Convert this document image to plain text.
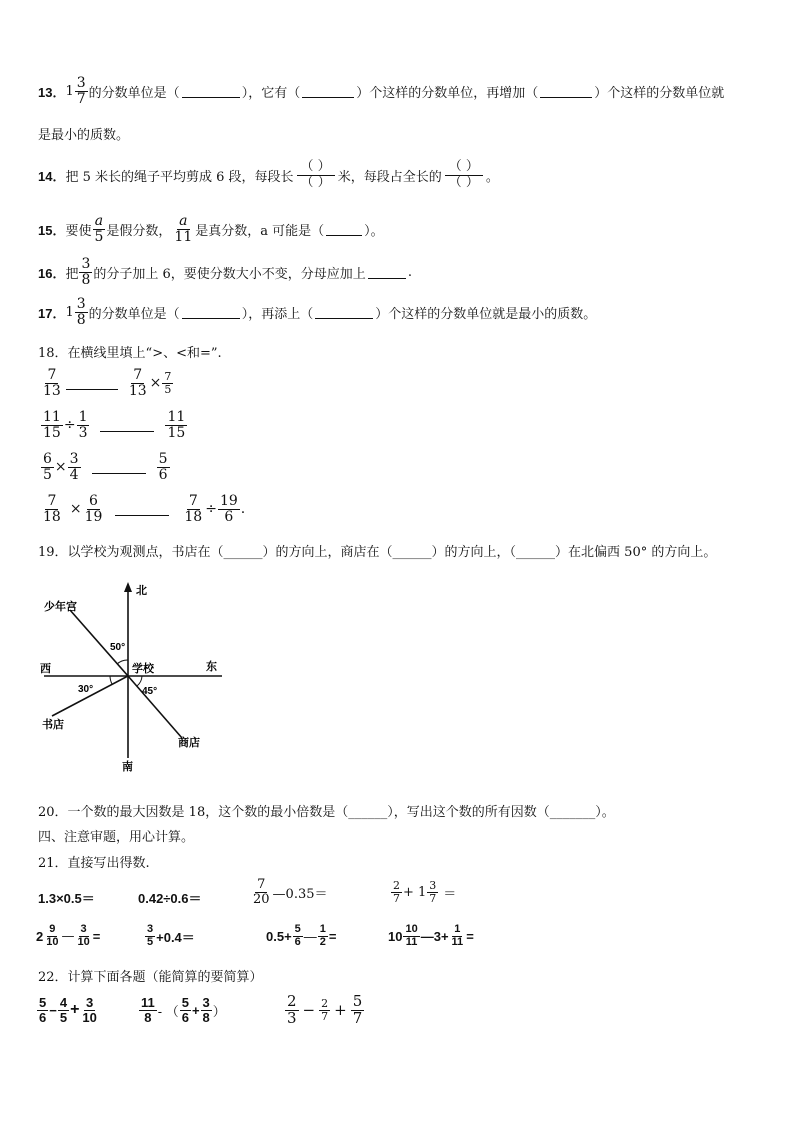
13． $1 \frac{3}{7}$ 的分数单位是（	），它有（	）个这样的分数单位，再增加（	）个这样的分数单位就
是最小的质数。
14． 把 5 米长的绳子平均剪成 6 段，每段长
（ ）
（ ） 米，每段占全长的
（ ）
（ ） 。
15． 要使 $\frac{a}{5}$ 是假分数， $\frac{a}{11}$ 是真分数，a 可能是（	）。
16． 把 $\frac{3}{8}$ 的分子加上 6，要使分数大小不变，分母应加上	.
17． $1 \frac{3}{8}$ 的分数单位是（	），再添上（	）个这样的分数单位就是最小的质数。
18．在横线里填上“>、<和=”.
$\frac{7}{13}$	$\frac{7}{13} \times \frac{7}{5}$
$\frac{11}{15} \div \frac{1}{3}$	$\frac{11}{15}$
$\frac{6}{5} \times \frac{3}{4}$	$\frac{5}{6}$
$\frac{7}{18} \times \frac{6}{19}$	$\frac{7}{18} \div \frac{19}{6}$ .
19．以学校为观测点，书店在（______）的方向上，商店在（______）的方向上，（______）在北偏西 50° 的方向上。
北
南
东
西	学校
少年宫
书店
商店
50°
30°	45°
20．一个数的最大因数是 18，这个数的最小倍数是（______），写出这个数的所有因数（_______）。
四、注意审题，用心计算。
21．直接写出得数.
1.3×0.5＝	0.42÷0.6＝	$\frac{7}{20}$ —0.35＝	$\frac{2}{7} + 1 \frac{3}{7}$ ＝
$2 \frac{9}{10}$ — $\frac{3}{10}$ =	$\frac{3}{5} +0.4=$	$0.5+ \frac{5}{6}$ — $\frac{1}{2}$ =	$10 \frac{10}{11}$ —3+ $\frac{1}{11}$ =
22．计算下面各题（能简算的要简算）
$\frac{5}{6} - \frac{4}{5} + \frac{3}{10}$	$\frac{11}{8}$ - （ $\frac{5}{6} + \frac{3}{8}$ ）	$\frac{2}{3} - \frac{2}{7} + \frac{5}{7}$
